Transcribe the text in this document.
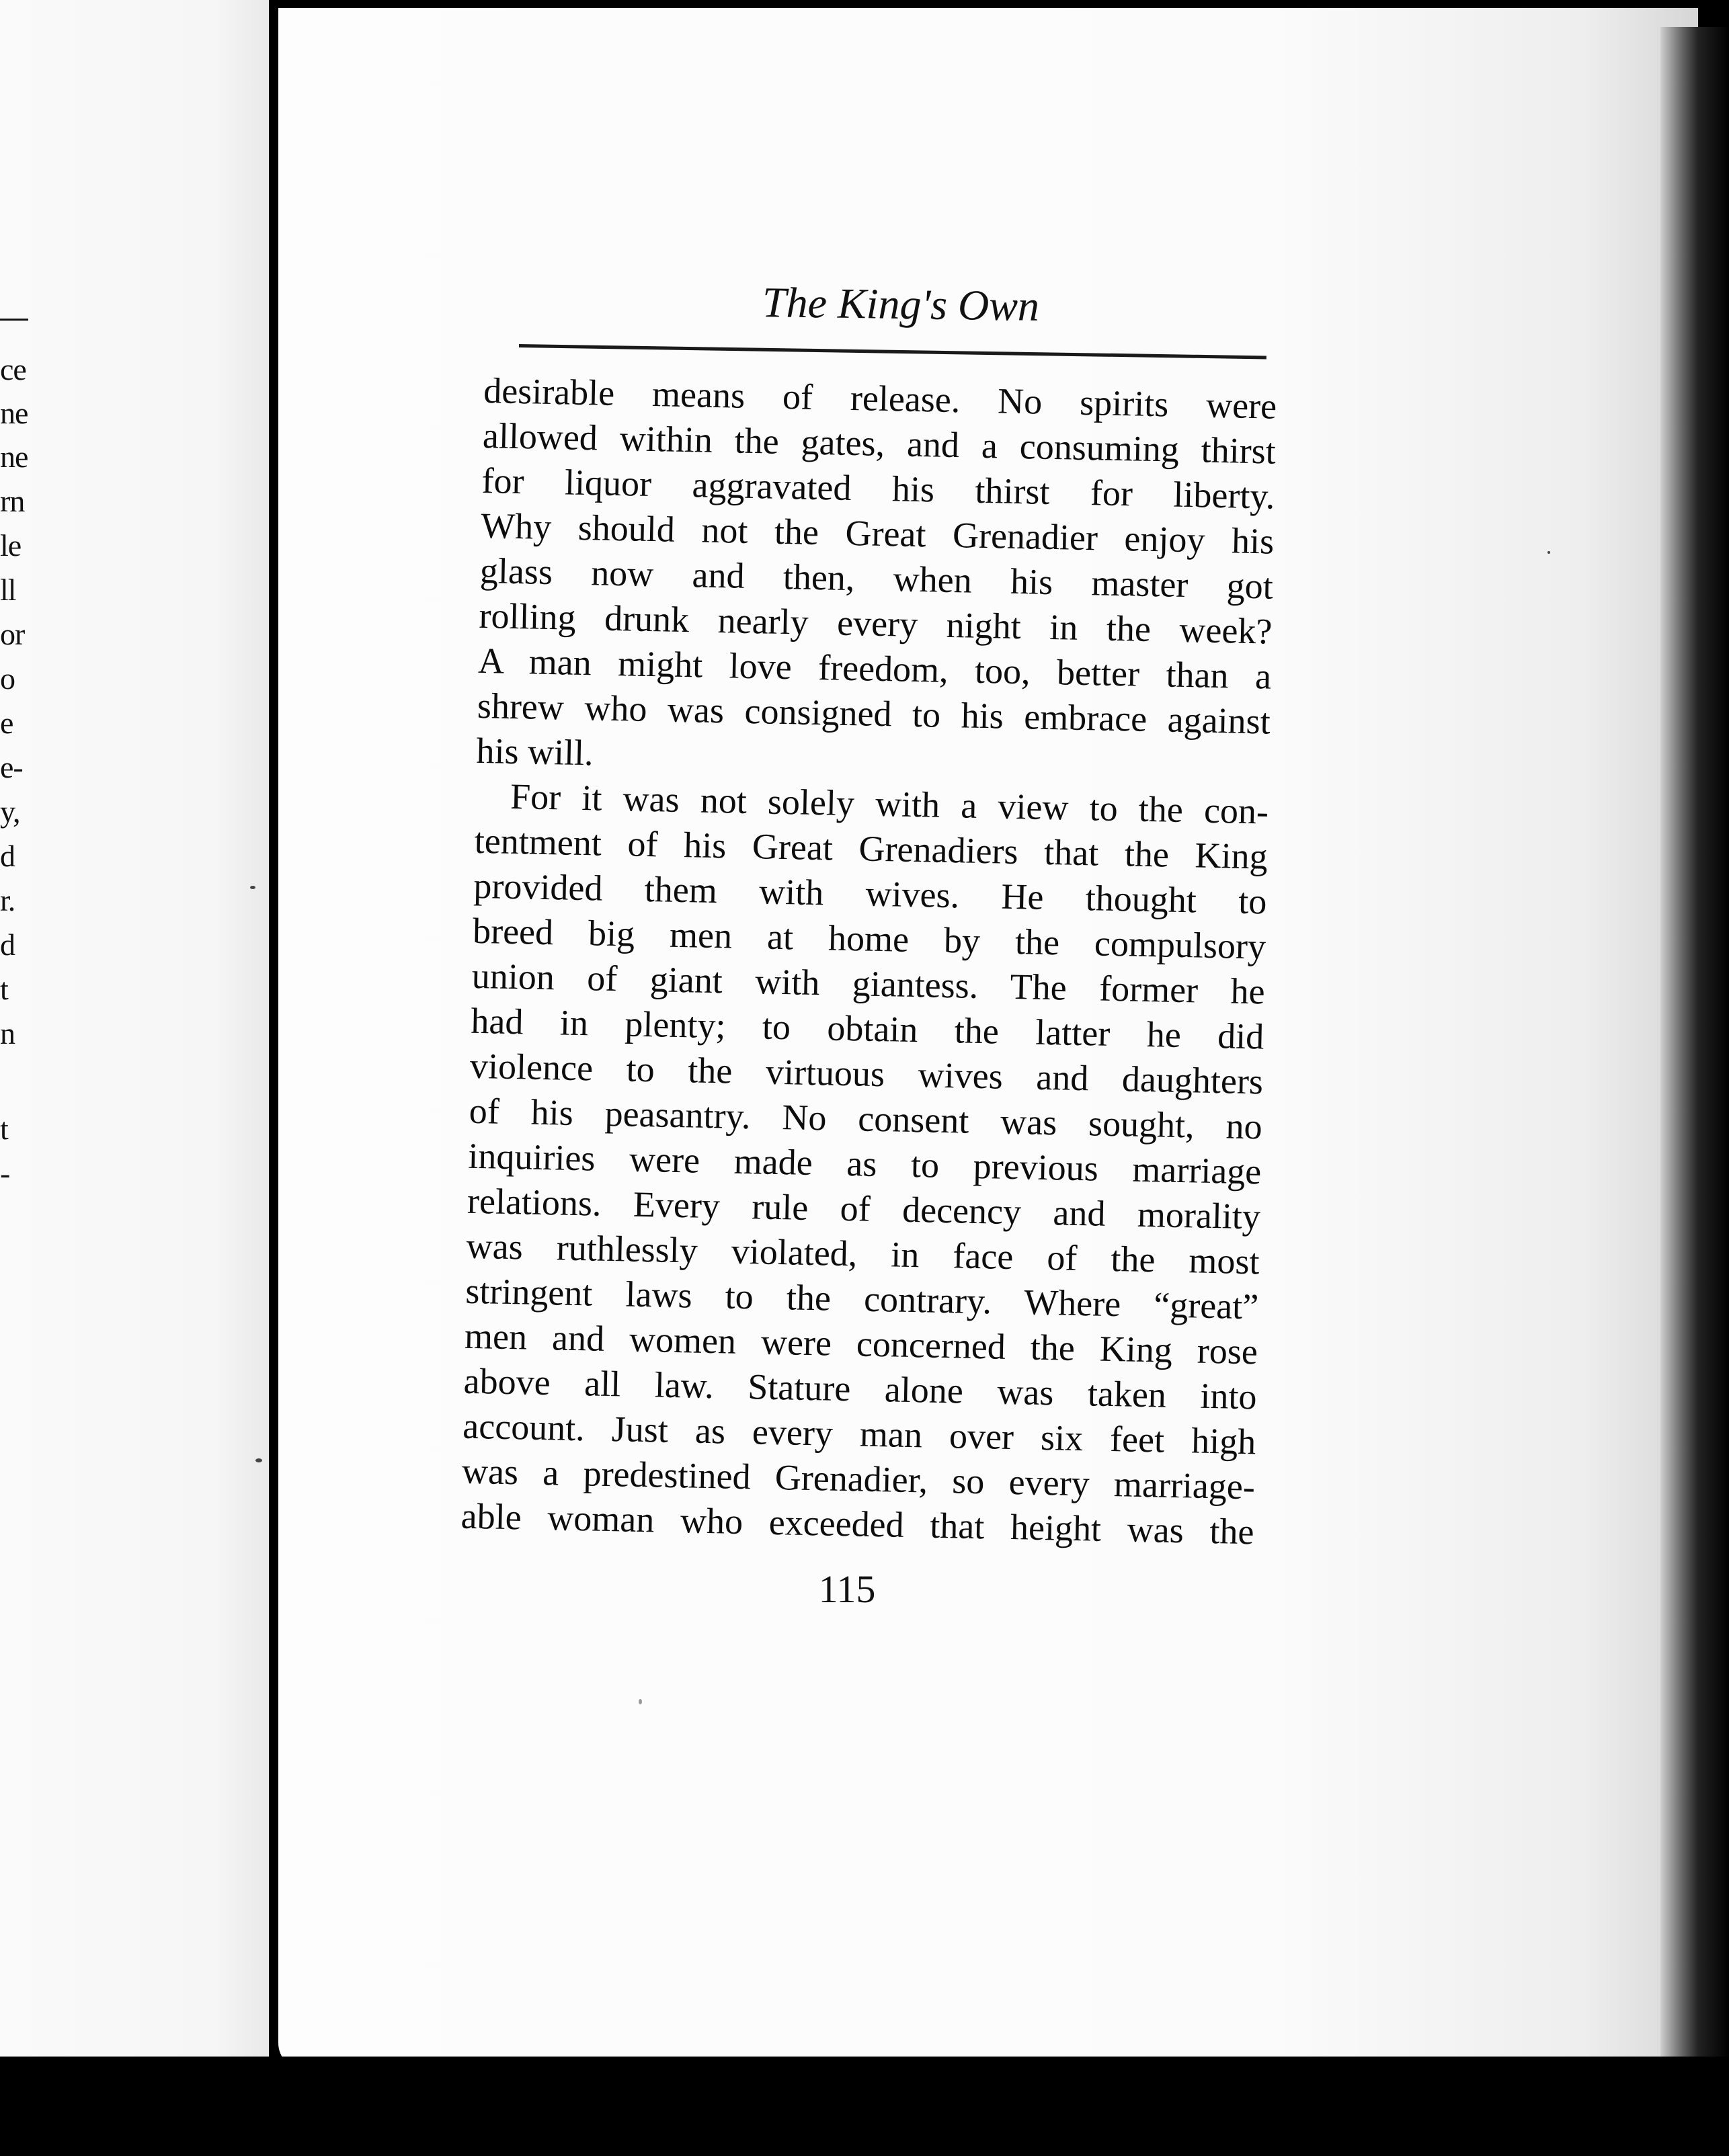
ce
ne
ne
rn
le
ll
or
o
e
e-
y,
d
r.
d
t
n
t
-
The King's Own
desirable means of release. No spirits were
allowed within the gates, and a consuming thirst
for liquor aggravated his thirst for liberty.
Why should not the Great Grenadier enjoy his
glass now and then, when his master got
rolling drunk nearly every night in the week?
A man might love freedom, too, better than a
shrew who was consigned to his embrace against
his will.
For it was not solely with a view to the con-
tentment of his Great Grenadiers that the King
provided them with wives. He thought to
breed big men at home by the compulsory
union of giant with giantess. The former he
had in plenty; to obtain the latter he did
violence to the virtuous wives and daughters
of his peasantry. No consent was sought, no
inquiries were made as to previous marriage
relations. Every rule of decency and morality
was ruthlessly violated, in face of the most
stringent laws to the contrary. Where “great”
men and women were concerned the King rose
above all law. Stature alone was taken into
account. Just as every man over six feet high
was a predestined Grenadier, so every marriage-
able woman who exceeded that height was the
115
